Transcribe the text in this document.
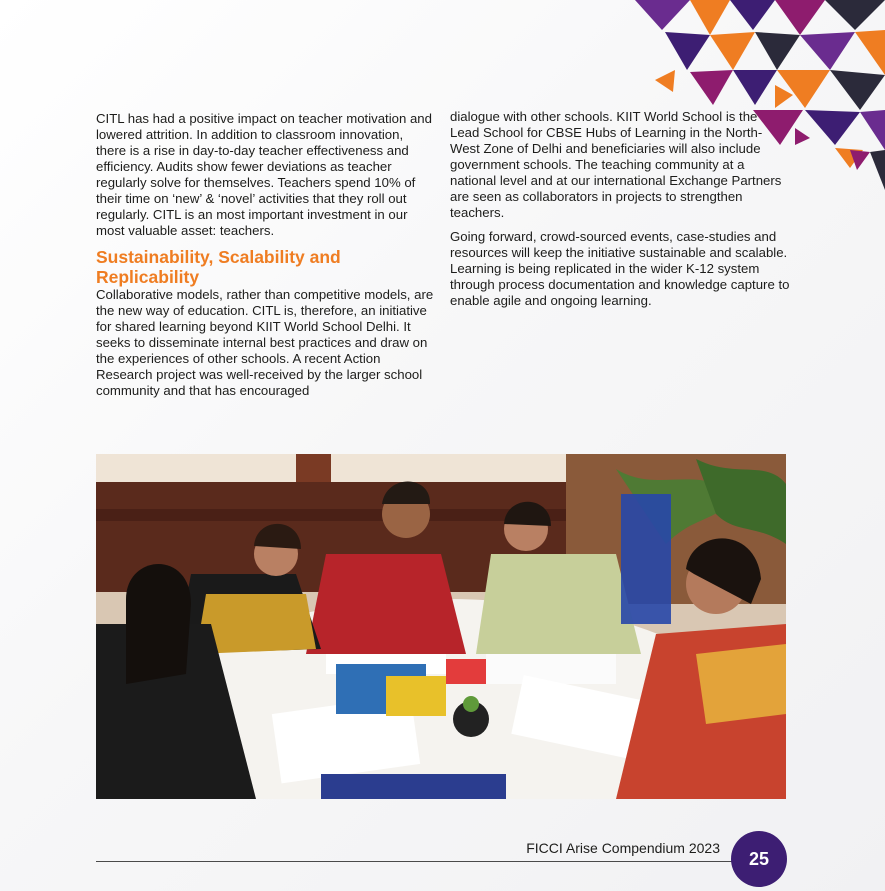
CITL has had a positive impact on teacher motivation and lowered attrition. In addition to classroom innovation, there is a rise in day-to-day teacher effectiveness and efficiency. Audits show fewer deviations as teacher regularly solve for themselves. Teachers spend 10% of their time on ‘new’ & ‘novel’ activities that they roll out regularly. CITL is an most important investment in our most valuable asset: teachers.

Sustainability, Scalability and Replicability

Collaborative models, rather than competitive models, are the new way of education. CITL is, therefore, an initiative for shared learning beyond KIIT World School Delhi. It seeks to disseminate internal best practices and draw on the experiences of other schools. A recent Action Research project was well-received by the larger school community and that has encouraged

dialogue with other schools. KIIT World School is the Lead School for CBSE Hubs of Learning in the North-West Zone of Delhi and beneficiaries will also include government schools. The teaching community at a national level and at our international Exchange Partners are seen as collaborators in projects to strengthen teachers.

Going forward, crowd-sourced events, case-studies and resources will keep the initiative sustainable and scalable. Learning is being replicated in the wider K-12 system through process documentation and knowledge capture to enable agile and ongoing learning.

FICCI Arise Compendium 2023
25
